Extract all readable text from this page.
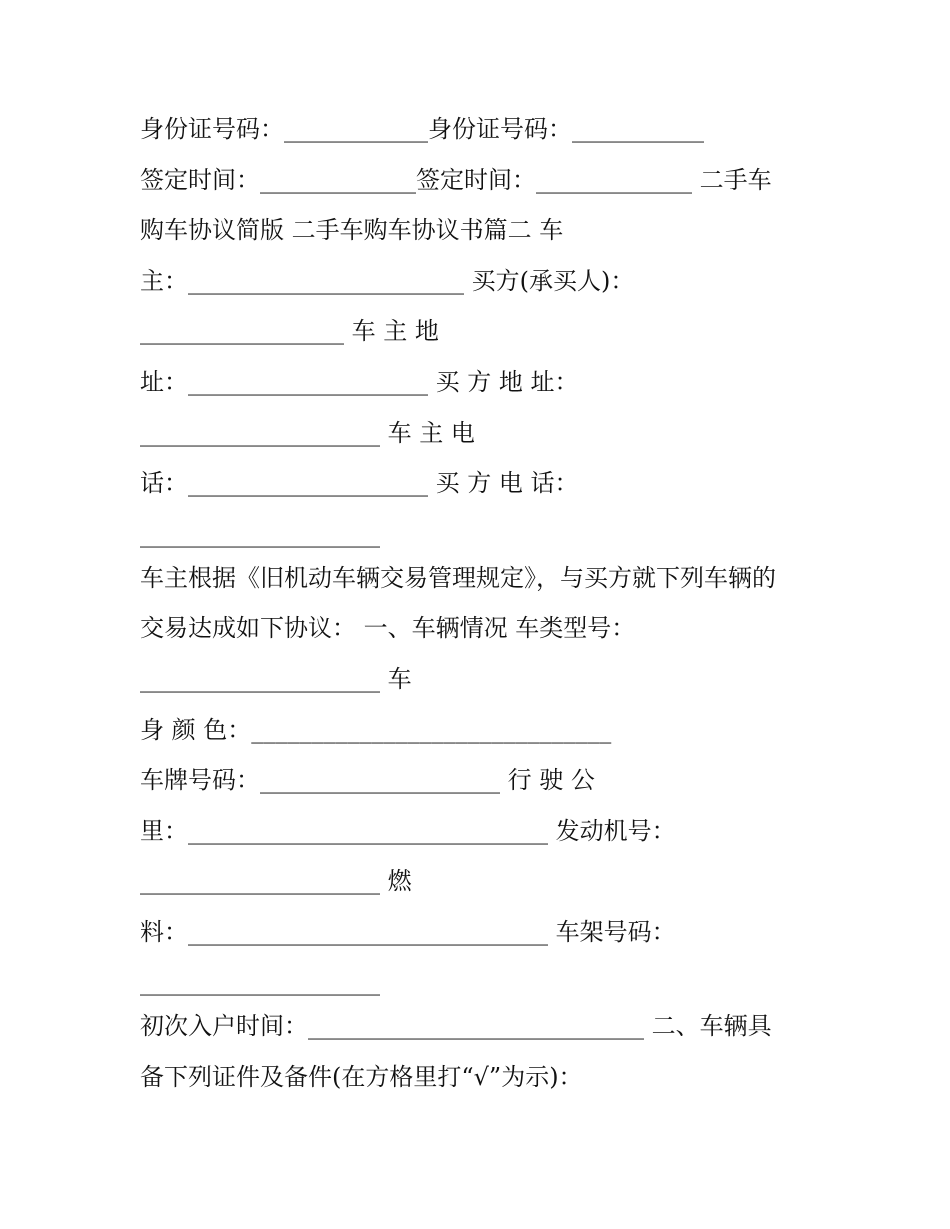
身份证号码：____________身份证号码：___________
签定时间：_____________签定时间：_____________ 二手车
购车协议简版 二手车购车协议书篇二 车
主：_______________________ 买方(承买人)：
_________________ 车 主 地
址：____________________ 买 方 地 址：
____________________ 车 主 电
话：____________________ 买 方 电 话：
____________________
车主根据《旧机动车辆交易管理规定》，与买方就下列车辆的
交易达成如下协议： 一、车辆情况 车类型号：
____________________ 车
身 颜 色：______________________________
车牌号码：____________________ 行 驶 公
里：______________________________ 发动机号：
____________________ 燃
料：______________________________ 车架号码：
____________________
初次入户时间：____________________________ 二、车辆具
备下列证件及备件(在方格里打“√”为示)：
